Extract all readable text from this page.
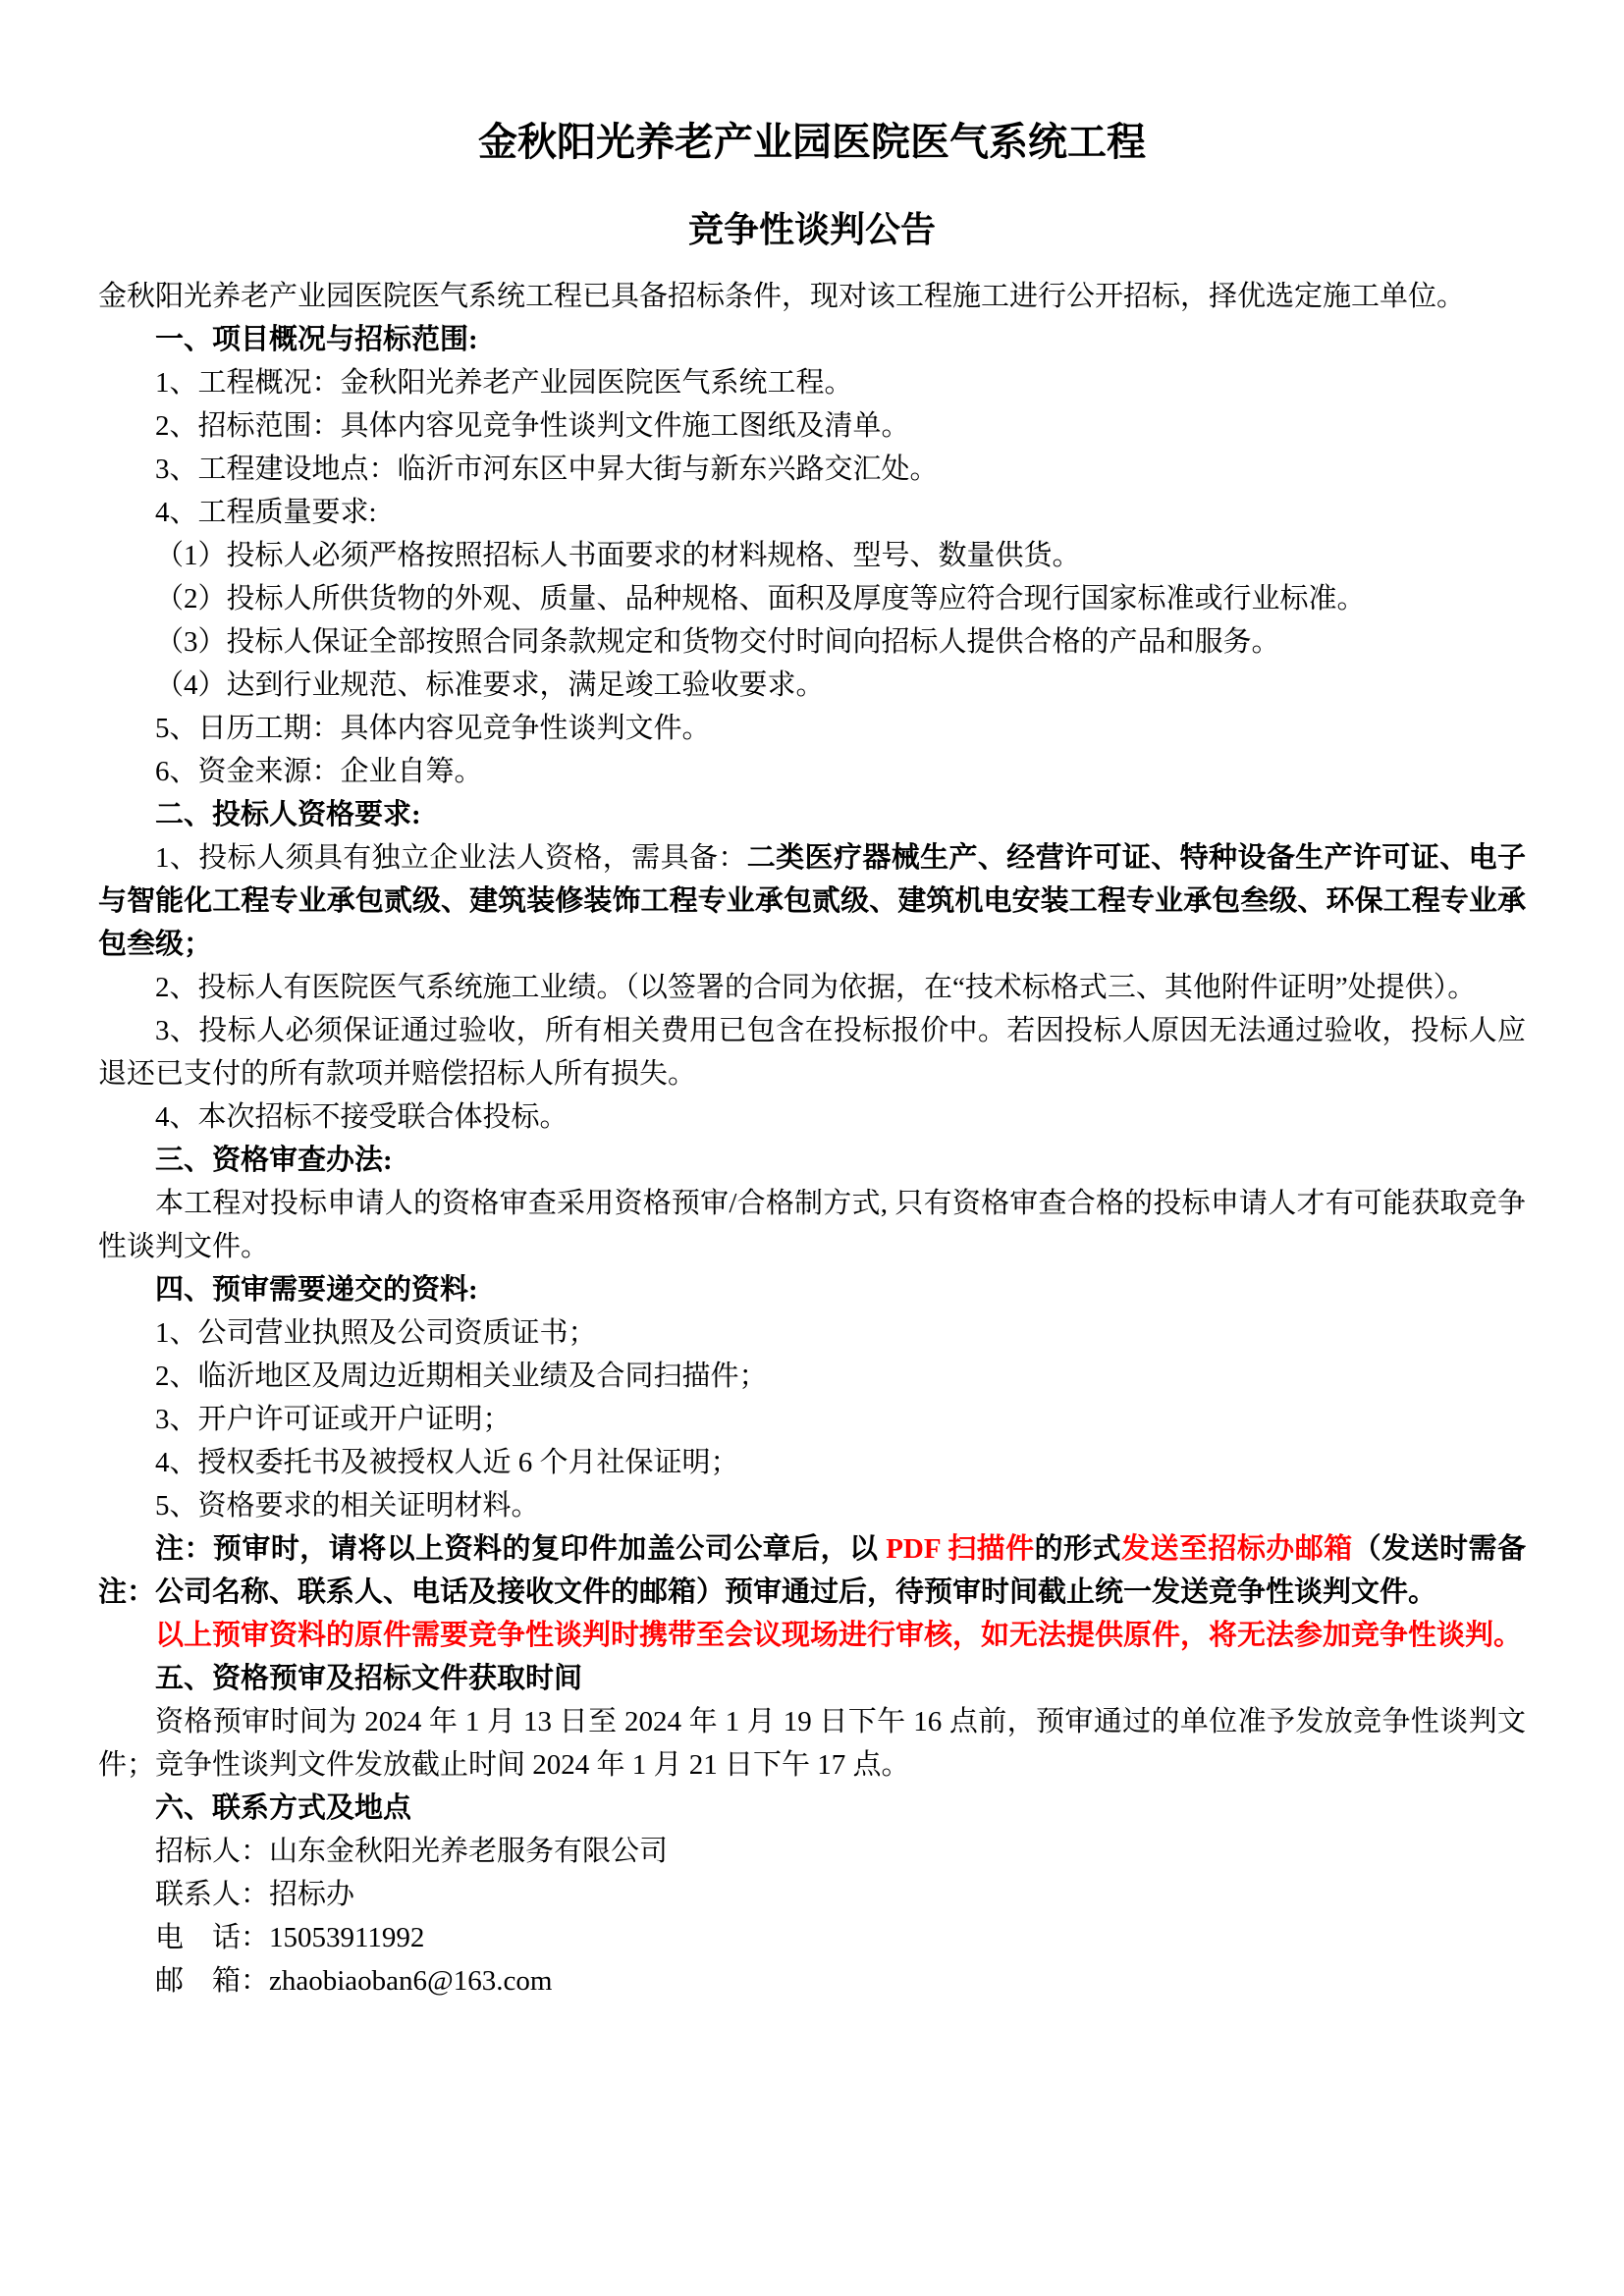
金秋阳光养老产业园医院医气系统工程

竞争性谈判公告

金秋阳光养老产业园医院医气系统工程已具备招标条件，现对该工程施工进行公开招标，择优选定施工单位。

一、项目概况与招标范围:

1、工程概况：金秋阳光养老产业园医院医气系统工程。

2、招标范围：具体内容见竞争性谈判文件施工图纸及清单。

3、工程建设地点：临沂市河东区中昇大街与新东兴路交汇处。

4、工程质量要求:

（1）投标人必须严格按照招标人书面要求的材料规格、型号、数量供货。

（2）投标人所供货物的外观、质量、品种规格、面积及厚度等应符合现行国家标准或行业标准。

（3）投标人保证全部按照合同条款规定和货物交付时间向招标人提供合格的产品和服务。

（4）达到行业规范、标准要求，满足竣工验收要求。

5、日历工期：具体内容见竞争性谈判文件。

6、资金来源：企业自筹。

二、投标人资格要求:

1、投标人须具有独立企业法人资格，需具备：二类医疗器械生产、经营许可证、特种设备生产许可证、电子与智能化工程专业承包贰级、建筑装修装饰工程专业承包贰级、建筑机电安装工程专业承包叁级、环保工程专业承包叁级；

2、投标人有医院医气系统施工业绩。（以签署的合同为依据，在“技术标格式三、其他附件证明”处提供）。

3、投标人必须保证通过验收，所有相关费用已包含在投标报价中。若因投标人原因无法通过验收，投标人应退还已支付的所有款项并赔偿招标人所有损失。

4、本次招标不接受联合体投标。

三、资格审查办法:

本工程对投标申请人的资格审查采用资格预审/合格制方式, 只有资格审查合格的投标申请人才有可能获取竞争性谈判文件。

四、预审需要递交的资料:

1、公司营业执照及公司资质证书；

2、临沂地区及周边近期相关业绩及合同扫描件；

3、开户许可证或开户证明；

4、授权委托书及被授权人近 6 个月社保证明；

5、资格要求的相关证明材料。

注：预审时，请将以上资料的复印件加盖公司公章后，以 PDF 扫描件的形式发送至招标办邮箱（发送时需备注：公司名称、联系人、电话及接收文件的邮箱）预审通过后，待预审时间截止统一发送竞争性谈判文件。

以上预审资料的原件需要竞争性谈判时携带至会议现场进行审核，如无法提供原件，将无法参加竞争性谈判。

五、资格预审及招标文件获取时间

资格预审时间为 2024 年 1 月 13 日至 2024 年 1 月 19 日下午 16 点前，预审通过的单位准予发放竞争性谈判文件；竞争性谈判文件发放截止时间 2024 年 1 月 21 日下午 17 点。

六、联系方式及地点

招标人：山东金秋阳光养老服务有限公司

联系人：招标办

电　话：15053911992

邮　箱：zhaobiaoban6@163.com
